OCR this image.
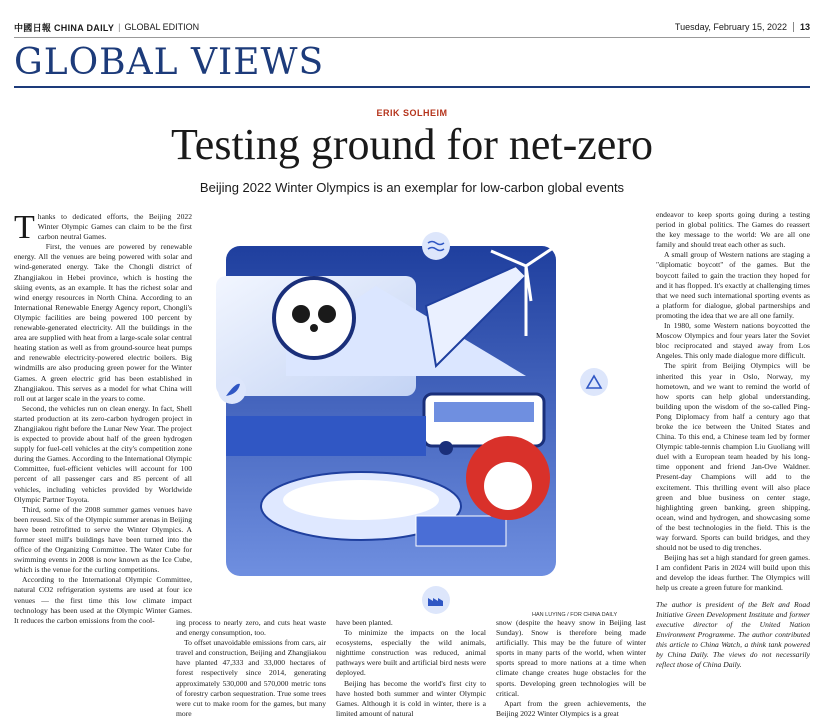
中國日報 CHINA DAILY | GLOBAL EDITION	Tuesday, February 15, 2022	13
GLOBAL VIEWS
ERIK SOLHEIM
Testing ground for net-zero
Beijing 2022 Winter Olympics is an exemplar for low-carbon global events

Thanks to dedicated efforts, the Beijing 2022 Winter Olympic Games can claim to be the first carbon neutral Games.

First, the venues are powered by renewable energy. All the venues are being powered with solar and wind-generated energy. Take the Chongli district of Zhangjiakou in Hebei province, which is hosting the skiing events, as an example. It has the richest solar and wind energy resources in North China. According to an International Renewable Energy Agency report, Chongli's Olympic facilities are being powered 100 percent by renewable-generated electricity. All the buildings in the area are supplied with heat from a large-scale solar central heating station as well as from ground-source heat pumps and renewable electricity-powered electric boilers. Big windmills are also producing green power for the Winter Games. A green electric grid has been established in Zhangjiakou. This serves as a model for what China will roll out at larger scale in the years to come.

Second, the vehicles run on clean energy. In fact, Shell started production at its zero-carbon hydrogen project in Zhangjiakou right before the Lunar New Year. The project is expected to provide about half of the green hydrogen supply for fuel-cell vehicles at the city's competition zone during the Games. According to the International Olympic Committee, fuel-efficient vehicles will account for 100 percent of all passenger cars and 85 percent of all vehicles, including vehicles provided by Worldwide Olympic Partner Toyota.

Third, some of the 2008 summer games venues have been reused. Six of the Olympic summer arenas in Beijing have been retrofitted to serve the Winter Olympics. A former steel mill's buildings have been turned into the office of the Organizing Committee. The Water Cube for swimming events in 2008 is now known as the Ice Cube, which is the venue for the curling competitions.

According to the International Olympic Committee, natural CO2 refrigeration systems are used at four ice venues — the first time this low climate impact technology has been used at the Olympic Winter Games. It reduces the carbon emissions from the cool-

HAN LUYING / FOR CHINA DAILY

ing process to nearly zero, and cuts heat waste and energy consumption, too.

To offset unavoidable emissions from cars, air travel and construction, Beijing and Zhangjiakou have planted 47,333 and 33,000 hectares of forest respectively since 2014, generating approximately 530,000 and 570,000 metric tons of forestry carbon sequestration. True some trees were cut to make room for the games, but many more

have been planted.

To minimize the impacts on the local ecosystems, especially the wild animals, nighttime construction was reduced, animal pathways were built and artificial bird nests were deployed.

Beijing has become the world's first city to have hosted both summer and winter Olympic Games. Although it is cold in winter, there is a limited amount of natural

snow (despite the heavy snow in Beijing last Sunday). Snow is therefore being made artificially. This may be the future of winter sports in many parts of the world, when winter sports spread to more nations at a time when climate change creates huge obstacles for the sports. Developing green technologies will be critical.

Apart from the green achievements, the Beijing 2022 Winter Olympics is a great

endeavor to keep sports going during a testing period in global politics. The Games do reassert the key message to the world: We are all one family and should treat each other as such.

A small group of Western nations are staging a "diplomatic boycott" of the games. But the boycott failed to gain the traction they hoped for and it has flopped. It's exactly at challenging times that we need such international sporting events as a platform for dialogue, global partnerships and promoting the idea that we are all one family.

In 1980, some Western nations boycotted the Moscow Olympics and four years later the Soviet bloc reciprocated and stayed away from Los Angeles. This only made dialogue more difficult.

The spirit from Beijing Olympics will be inherited this year in Oslo, Norway, my hometown, and we want to remind the world of how sports can help global understanding, building upon the wisdom of the so-called Ping-Pong Diplomacy from half a century ago that broke the ice between the United States and China. To this end, a Chinese team led by former Olympic table-tennis champion Liu Guoliang will duel with a European team headed by his long-time opponent and friend Jan-Ove Waldner. Present-day Champions will add to the excitement. This thrilling event will also place green and blue business on center stage, highlighting green banking, green shipping, ocean, wind and hydrogen, and showcasing some of the best technologies in the field. This is the way forward. Sports can build bridges, and they should not be used to dig trenches.

Beijing has set a high standard for green games. I am confident Paris in 2024 will build upon this and develop the ideas further. The Olympics will help us create a green future for mankind.

The author is president of the Belt and Road Initiative Green Development Institute and former executive director of the United Nation Environment Programme. The author contributed this article to China Watch, a think tank powered by China Daily. The views do not necessarily reflect those of China Daily.
